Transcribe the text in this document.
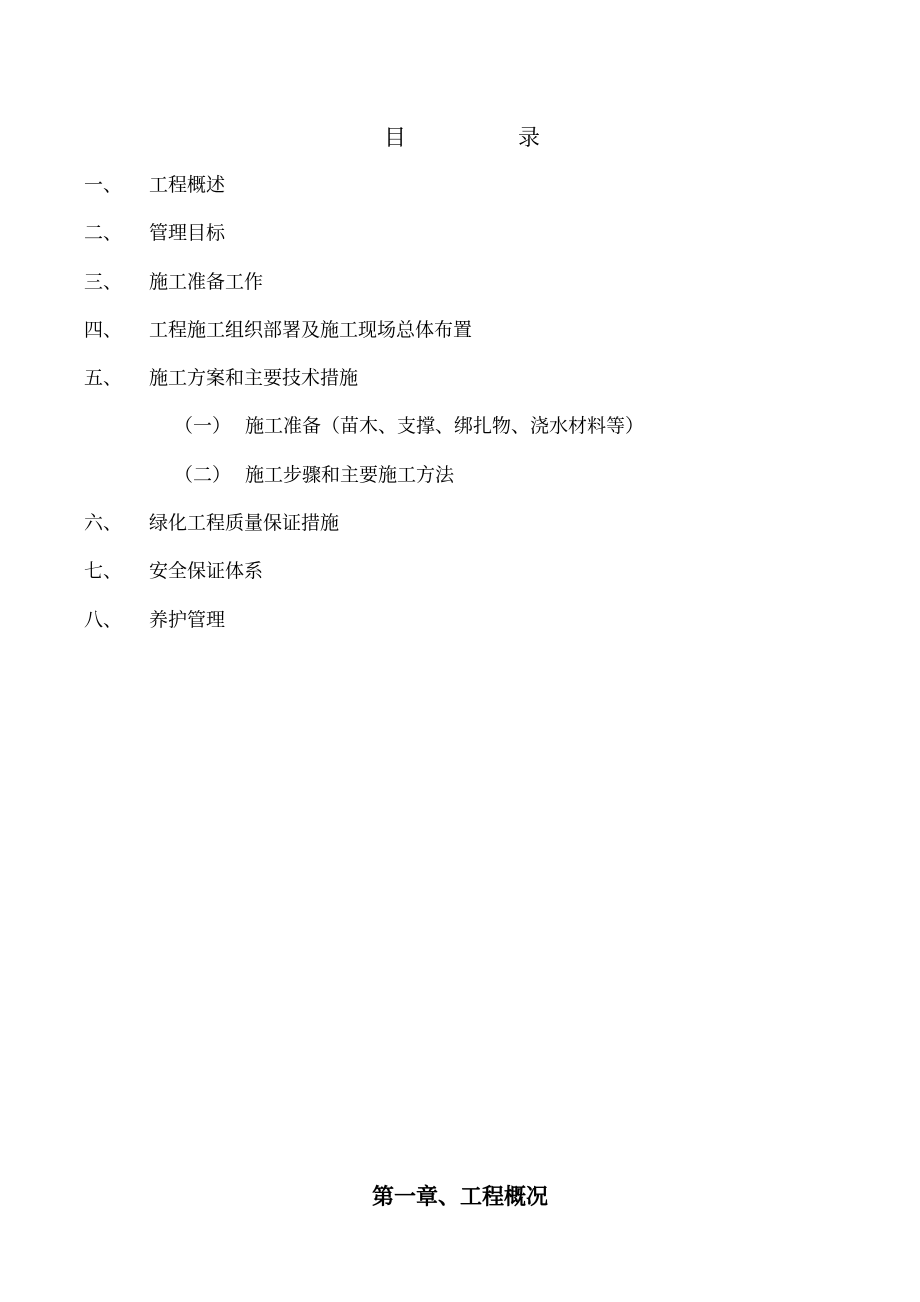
目	录
一、 工程概述
二、 管理目标
三、 施工准备工作
四、 工程施工组织部署及施工现场总体布置
五、 施工方案和主要技术措施
（一） 施工准备（苗木、支撑、绑扎物、浇水材料等）
（二） 施工步骤和主要施工方法
六、 绿化工程质量保证措施
七、 安全保证体系
八、 养护管理
第一章、工程概况
